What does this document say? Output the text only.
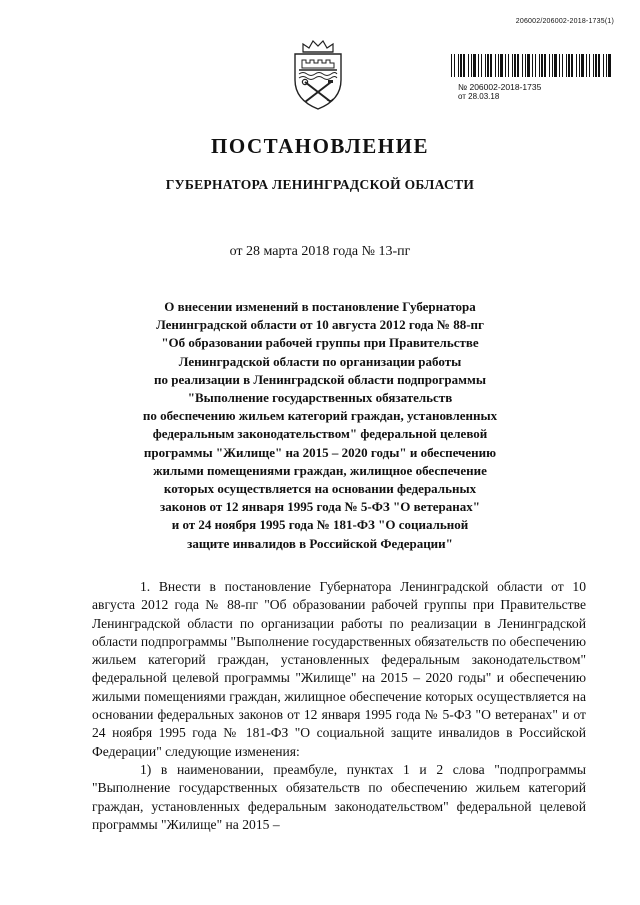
206002/206002-2018-1735(1)
№ 206002-2018-1735
от 28.03.18
ПОСТАНОВЛЕНИЕ
ГУБЕРНАТОРА ЛЕНИНГРАДСКОЙ ОБЛАСТИ
от 28 марта 2018 года № 13-пг
О внесении изменений в постановление Губернатора
Ленинградской области от 10 августа 2012 года № 88-пг
"Об образовании рабочей группы при Правительстве
Ленинградской области по организации работы
по реализации в Ленинградской области подпрограммы
"Выполнение государственных обязательств
по обеспечению жильем категорий граждан, установленных
федеральным законодательством" федеральной целевой
программы "Жилище" на 2015 – 2020 годы" и обеспечению
жилыми помещениями граждан, жилищное обеспечение
которых осуществляется на основании федеральных
законов от 12 января 1995 года № 5-ФЗ "О ветеранах"
и от 24 ноября 1995 года № 181-ФЗ "О социальной
защите инвалидов в Российской Федерации"

1. Внести в постановление Губернатора Ленинградской области от 10 августа 2012 года № 88-пг "Об образовании рабочей группы при Правительстве Ленинградской области по организации работы по реализации в Ленинградской области подпрограммы "Выполнение государственных обязательств по обеспечению жильем категорий граждан, установленных федеральным законодательством" федеральной целевой программы "Жилище" на 2015 – 2020 годы" и обеспечению жилыми помещениями граждан, жилищное обеспечение которых осуществляется на основании федеральных законов от 12 января 1995 года № 5-ФЗ "О ветеранах" и от 24 ноября 1995 года № 181-ФЗ "О социальной защите инвалидов в Российской Федерации" следующие изменения:

1) в наименовании, преамбуле, пунктах 1 и 2 слова "подпрограммы "Выполнение государственных обязательств по обеспечению жильем категорий граждан, установленных федеральным законодательством" федеральной целевой программы "Жилище" на 2015 –
